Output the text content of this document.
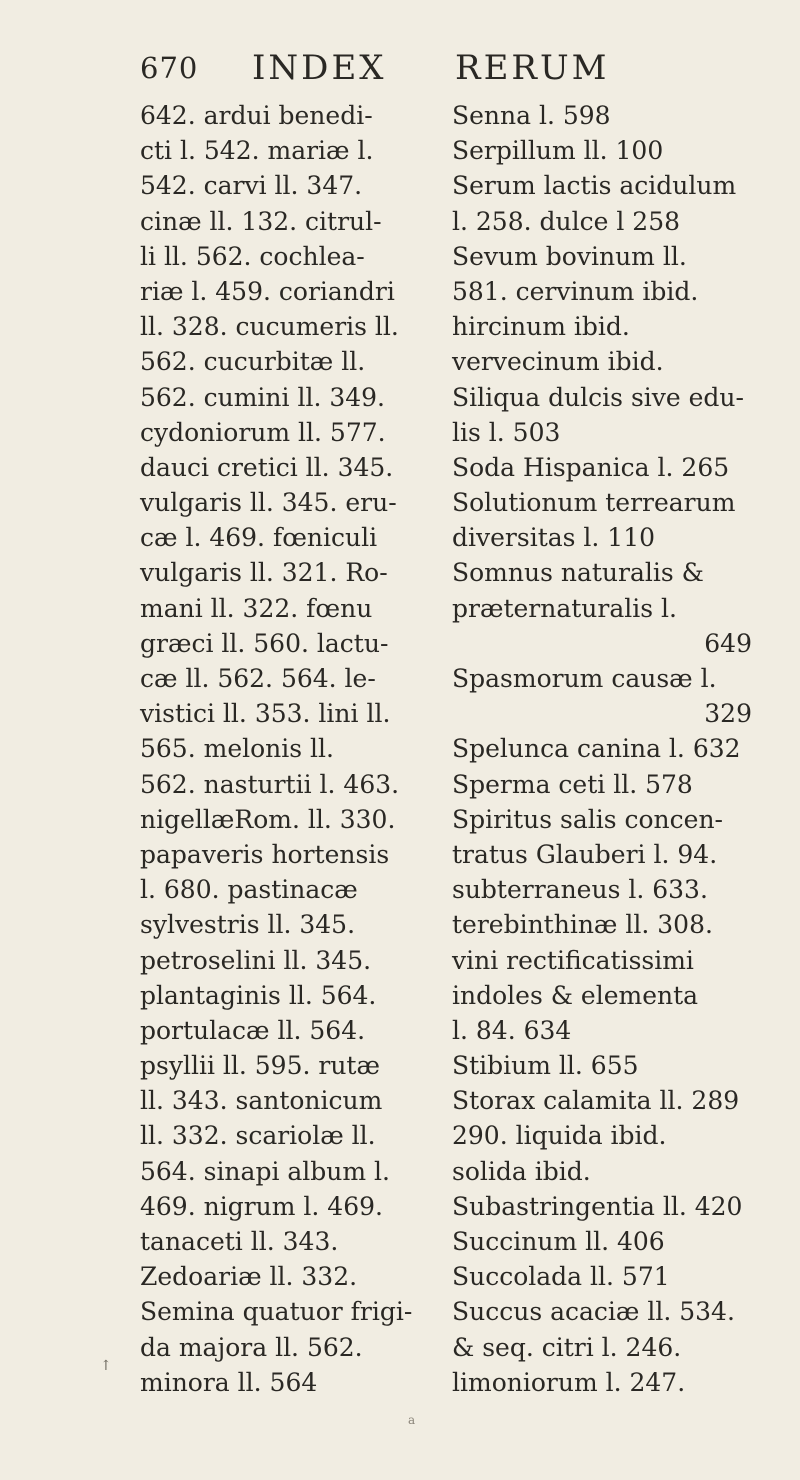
670 INDEX RERUM
642. ardui benedi-
cti l. 542. mariæ l.
542. carvi ll. 347.
cinæ ll. 132. citrul-
li ll. 562. cochlea-
riæ l. 459. coriandri
ll. 328. cucumeris ll.
562. cucurbitæ ll.
562. cumini ll. 349.
cydoniorum ll. 577.
dauci cretici ll. 345.
vulgaris ll. 345. eru-
cæ l. 469. fœniculi
vulgaris ll. 321. Ro-
mani ll. 322. fœnu
græci ll. 560. lactu-
cæ ll. 562. 564. le-
vistici ll. 353. lini ll.
565. melonis ll.
562. nasturtii l. 463.
nigellæRom. ll. 330.
papaveris hortensis
l. 680. pastinacæ
sylvestris ll. 345.
petroselini ll. 345.
plantaginis ll. 564.
portulacæ ll. 564.
psyllii ll. 595. rutæ
ll. 343. santonicum
ll. 332. scariolæ ll.
564. sinapi album l.
469. nigrum l. 469.
tanaceti ll. 343.
Zedoariæ ll. 332.
Semina quatuor frigi-
da majora ll. 562.
minora ll. 564
Senna l. 598
Serpillum ll. 100
Serum lactis acidulum
l. 258. dulce l 258
Sevum bovinum ll.
581. cervinum ibid.
hircinum ibid.
vervecinum ibid.
Siliqua dulcis sive edu-
lis l. 503
Soda Hispanica l. 265
Solutionum terrearum
diversitas l. 110
Somnus naturalis &
præternaturalis l.
649
Spasmorum causæ l.
329
Spelunca canina l. 632
Sperma ceti ll. 578
Spiritus salis concen-
tratus Glauberi l. 94.
subterraneus l. 633.
terebinthinæ ll. 308.
vini rectificatissimi
indoles & elementa
l. 84. 634
Stibium ll. 655
Storax calamita ll. 289
290. liquida ibid.
solida ibid.
Subastringentia ll. 420
Succinum ll. 406
Succolada ll. 571
Succus acaciæ ll. 534.
& seq. citri l. 246.
limoniorum l. 247.
↑
a
